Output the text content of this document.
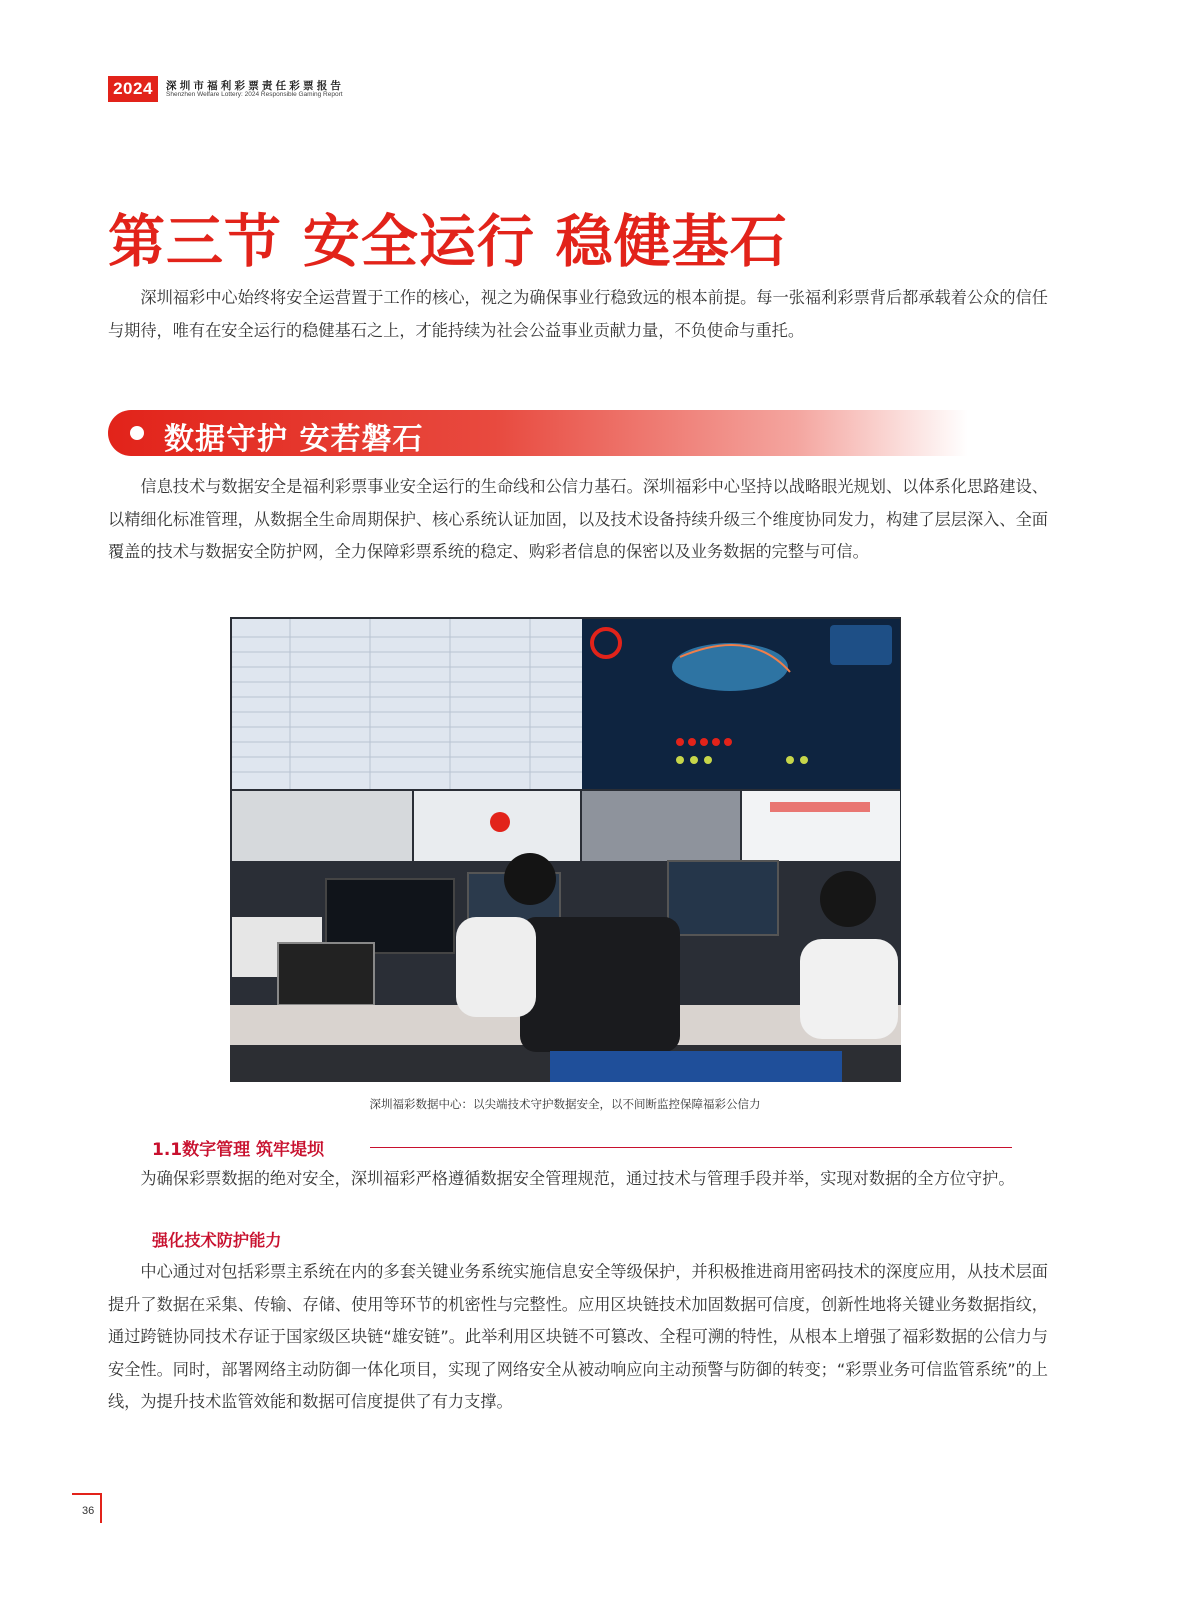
2024	深圳市福利彩票责任彩票报告
Shenzhen Welfare Lottery: 2024 Responsible Gaming Report
第三节 安全运行 稳健基石

深圳福彩中心始终将安全运营置于工作的核心，视之为确保事业行稳致远的根本前提。每一张福利彩票背后都承载着公众的信任与期待，唯有在安全运行的稳健基石之上，才能持续为社会公益事业贡献力量，不负使命与重托。

数据守护 安若磐石

信息技术与数据安全是福利彩票事业安全运行的生命线和公信力基石。深圳福彩中心坚持以战略眼光规划、以体系化思路建设、以精细化标准管理，从数据全生命周期保护、核心系统认证加固，以及技术设备持续升级三个维度协同发力，构建了层层深入、全面覆盖的技术与数据安全防护网，全力保障彩票系统的稳定、购彩者信息的保密以及业务数据的完整与可信。

深圳福彩数据中心：以尖端技术守护数据安全，以不间断监控保障福彩公信力
1.1数字管理 筑牢堤坝

为确保彩票数据的绝对安全，深圳福彩严格遵循数据安全管理规范，通过技术与管理手段并举，实现对数据的全方位守护。

强化技术防护能力

中心通过对包括彩票主系统在内的多套关键业务系统实施信息安全等级保护，并积极推进商用密码技术的深度应用，从技术层面提升了数据在采集、传输、存储、使用等环节的机密性与完整性。应用区块链技术加固数据可信度，创新性地将关键业务数据指纹，通过跨链协同技术存证于国家级区块链“雄安链”。此举利用区块链不可篡改、全程可溯的特性，从根本上增强了福彩数据的公信力与安全性。同时，部署网络主动防御一体化项目，实现了网络安全从被动响应向主动预警与防御的转变；“彩票业务可信监管系统”的上线，为提升技术监管效能和数据可信度提供了有力支撑。

36
